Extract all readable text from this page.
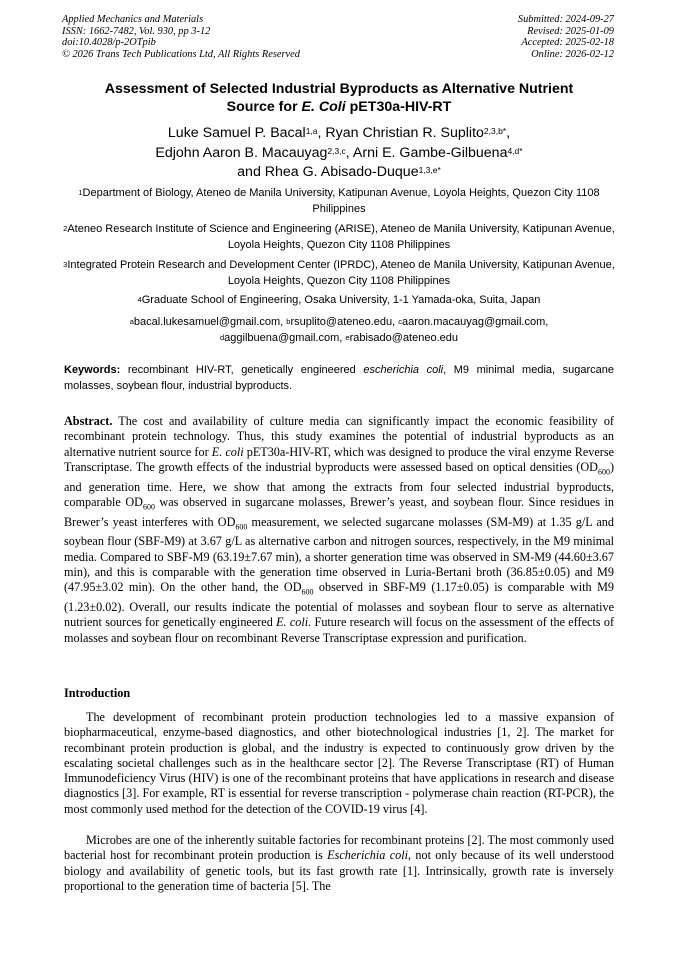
Applied Mechanics and Materials
ISSN: 1662-7482, Vol. 930, pp 3-12
doi:10.4028/p-2OTpib
© 2026 Trans Tech Publications Ltd, All Rights Reserved
Submitted: 2024-09-27
Revised: 2025-01-09
Accepted: 2025-02-18
Online: 2026-02-12
Assessment of Selected Industrial Byproducts as Alternative Nutrient
Source for E. Coli pET30a-HIV-RT
Luke Samuel P. Bacal$^{1,a}$, Ryan Christian R. Suplito$^{2,3,b*}$,
Edjohn Aaron B. Macauyag$^{2,3,c}$, Arni E. Gambe-Gilbuena$^{4,d*}$
and Rhea G. Abisado-Duque$^{1,3,e*}$
$^1$Department of Biology, Ateneo de Manila University, Katipunan Avenue, Loyola Heights, Quezon City 1108 Philippines
$^2$Ateneo Research Institute of Science and Engineering (ARISE), Ateneo de Manila University, Katipunan Avenue, Loyola Heights, Quezon City 1108 Philippines
$^3$Integrated Protein Research and Development Center (IPRDC), Ateneo de Manila University, Katipunan Avenue, Loyola Heights, Quezon City 1108 Philippines
$^4$Graduate School of Engineering, Osaka University, 1-1 Yamada-oka, Suita, Japan
$^a$bacal.lukesamuel@gmail.com, $^b$rsuplito@ateneo.edu, $^c$aaron.macauyag@gmail.com,
$^d$aggilbuena@gmail.com, $^e$rabisado@ateneo.edu
Keywords: recombinant HIV-RT, genetically engineered escherichia coli, M9 minimal media, sugarcane molasses, soybean flour, industrial byproducts.
Abstract. The cost and availability of culture media can significantly impact the economic feasibility of recombinant protein technology. Thus, this study examines the potential of industrial byproducts as an alternative nutrient source for E. coli pET30a-HIV-RT, which was designed to produce the viral enzyme Reverse Transcriptase. The growth effects of the industrial byproducts were assessed based on optical densities $(OD_{600})$ and generation time. Here, we show that among the extracts from four selected industrial byproducts, comparable $OD_{600}$ was observed in sugarcane molasses, Brewer’s yeast, and soybean flour. Since residues in Brewer’s yeast interferes with $OD_{600}$ measurement, we selected sugarcane molasses (SM-M9) at 1.35 g/L and soybean flour (SBF-M9) at 3.67 g/L as alternative carbon and nitrogen sources, respectively, in the M9 minimal media. Compared to SBF-M9 (63.19±7.67 min), a shorter generation time was observed in SM-M9 (44.60±3.67 min), and this is comparable with the generation time observed in Luria-Bertani broth (36.85±0.05) and M9 (47.95±3.02 min). On the other hand, the $OD_{600}$ observed in SBF-M9 (1.17±0.05) is comparable with M9 (1.23±0.02). Overall, our results indicate the potential of molasses and soybean flour to serve as alternative nutrient sources for genetically engineered E. coli. Future research will focus on the assessment of the effects of molasses and soybean flour on recombinant Reverse Transcriptase expression and purification.
Introduction
The development of recombinant protein production technologies led to a massive expansion of biopharmaceutical, enzyme-based diagnostics, and other biotechnological industries [1, 2]. The market for recombinant protein production is global, and the industry is expected to continuously grow driven by the escalating societal challenges such as in the healthcare sector [2]. The Reverse Transcriptase (RT) of Human Immunodeficiency Virus (HIV) is one of the recombinant proteins that have applications in research and disease diagnostics [3]. For example, RT is essential for reverse transcription - polymerase chain reaction (RT-PCR), the most commonly used method for the detection of the COVID-19 virus [4].
Microbes are one of the inherently suitable factories for recombinant proteins [2]. The most commonly used bacterial host for recombinant protein production is Escherichia coli, not only because of its well understood biology and availability of genetic tools, but its fast growth rate [1]. Intrinsically, growth rate is inversely proportional to the generation time of bacteria [5]. The
